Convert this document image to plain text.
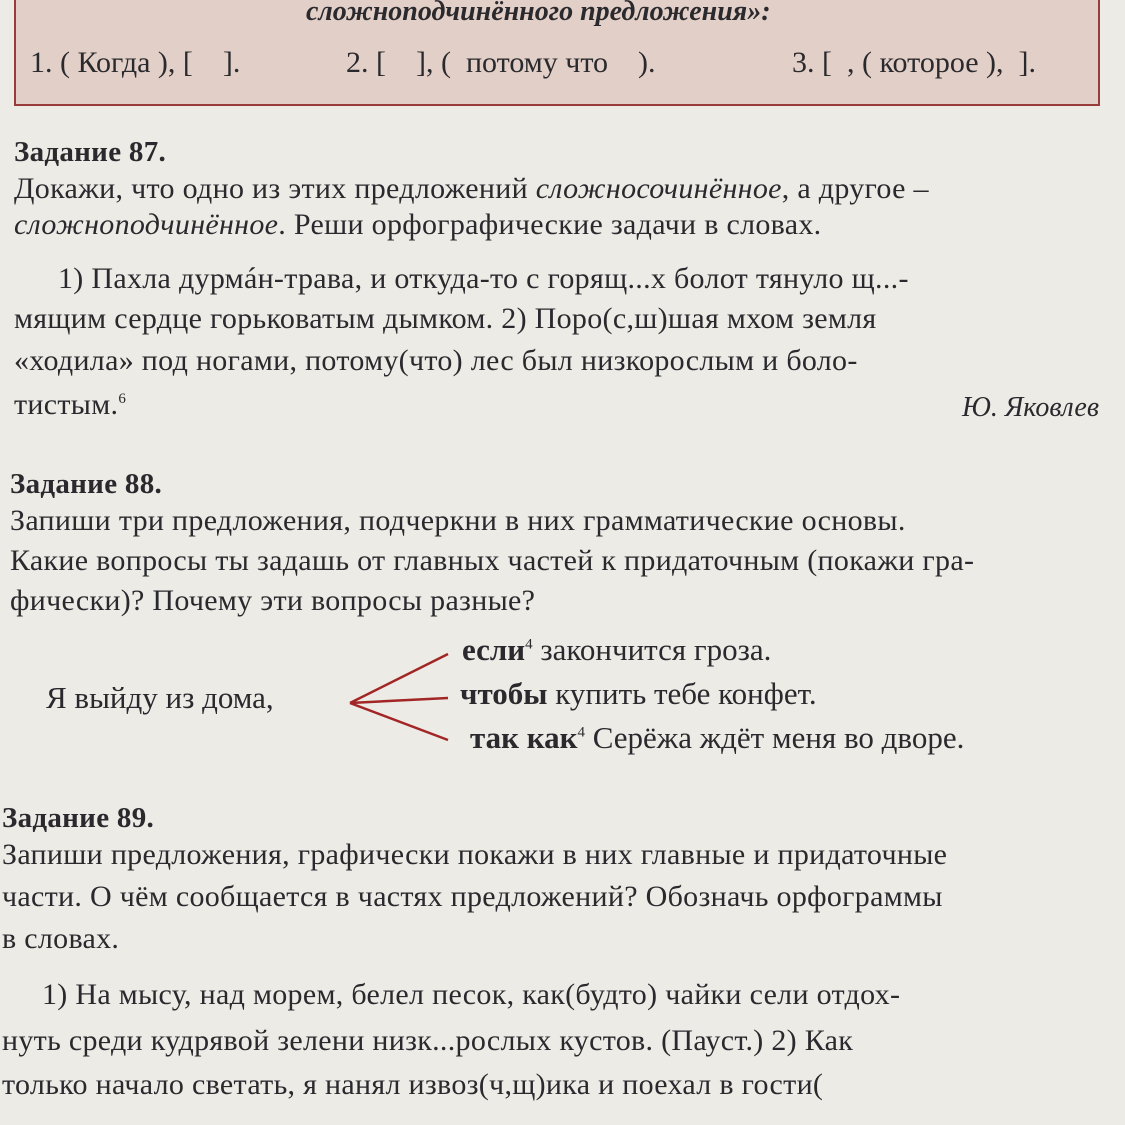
сложноподчинённого предложения»:
1. ( Когда ), [    ].	2. [    ], (  потому что    ).	3. [  , ( которое ),  ].
Задание 87.
Докажи, что одно из этих предложений сложносочинённое, а другое –
сложноподчинённое. Реши орфографические задачи в словах.
1) Пахла дурмáн-трава, и откуда-то с горящ...х болот тянуло щ...-
мящим сердце горьковатым дымком. 2) Поро(с,ш)шая мхом земля
«ходила» под ногами, потому(что) лес был низкорослым и боло-
тистым.$^6$	Ю. Яковлев
Задание 88.
Запиши три предложения, подчеркни в них грамматические основы.
Какие вопросы ты задашь от главных частей к придаточным (покажи гра-
фически)? Почему эти вопросы разные?
Я выйду из дома,
если$^4$ закончится гроза.
чтобы купить тебе конфет.
так как$^4$ Серёжа ждёт меня во дворе.
Задание 89.
Запиши предложения, графически покажи в них главные и придаточные
части. О чём сообщается в частях предложений? Обозначь орфограммы
в словах.
1) На мысу, над морем, белел песок, как(будто) чайки сели отдох-
нуть среди кудрявой зелени низк...рослых кустов. (Пауст.) 2) Как
только начало светать, я нанял извоз(ч,щ)ика и поехал в гости(
